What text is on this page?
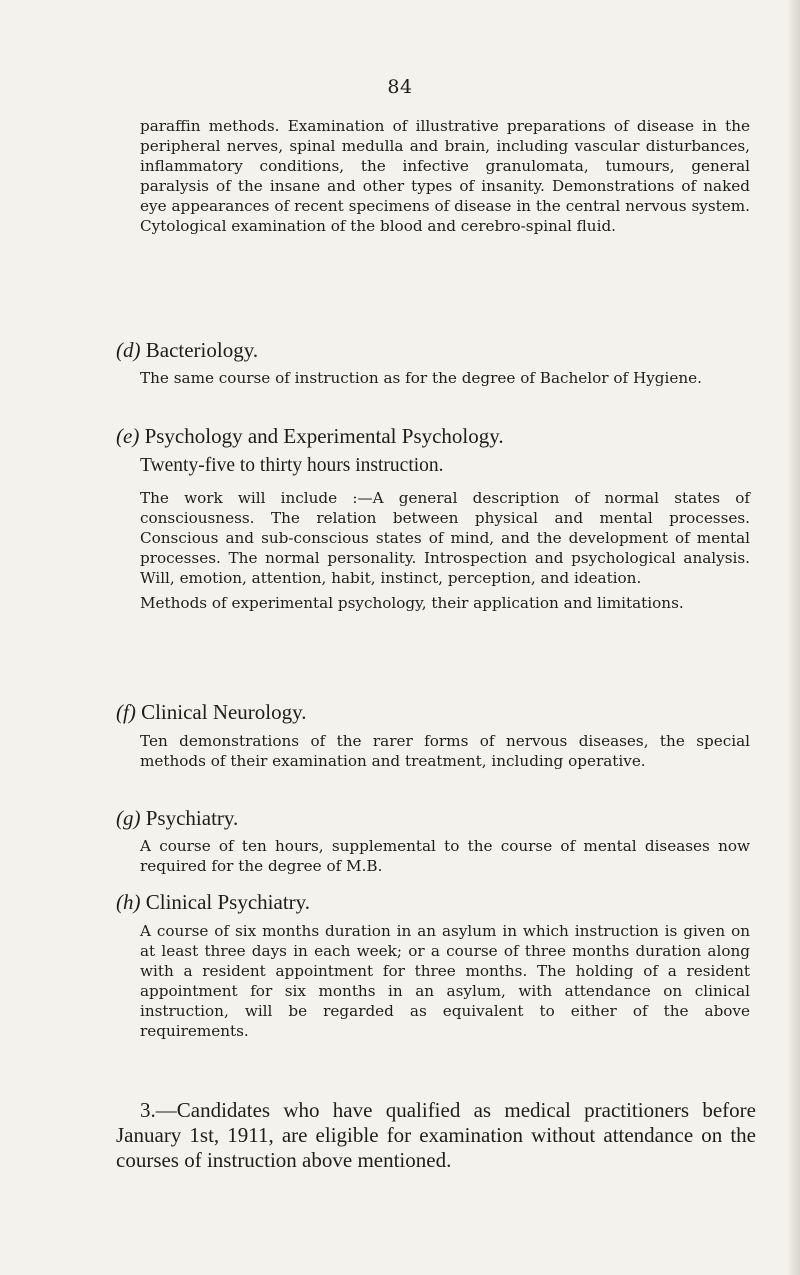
84

paraffin methods. Examination of illustrative preparations of disease in the peripheral nerves, spinal medulla and brain, including vascular disturbances, inflammatory conditions, the infective granulomata, tumours, general paralysis of the insane and other types of insanity. Demonstrations of naked eye appearances of recent specimens of disease in the central nervous system. Cytological examination of the blood and cerebro-spinal fluid.

(d) Bacteriology.

The same course of instruction as for the degree of Bachelor of Hygiene.

(e) Psychology and Experimental Psychology.
Twenty-five to thirty hours instruction.

The work will include :—A general description of normal states of consciousness. The relation between physical and mental processes. Conscious and sub-conscious states of mind, and the development of mental processes. The normal personality. Introspection and psychological analysis. Will, emotion, attention, habit, instinct, perception, and ideation.

Methods of experimental psychology, their application and limitations.

(f) Clinical Neurology.

Ten demonstrations of the rarer forms of nervous diseases, the special methods of their examination and treatment, including operative.

(g) Psychiatry.

A course of ten hours, supplemental to the course of mental diseases now required for the degree of M.B.

(h) Clinical Psychiatry.

A course of six months duration in an asylum in which instruction is given on at least three days in each week; or a course of three months duration along with a resident appointment for three months. The holding of a resident appointment for six months in an asylum, with attendance on clinical instruction, will be regarded as equivalent to either of the above requirements.

3.—Candidates who have qualified as medical practitioners before January 1st, 1911, are eligible for examination without attendance on the courses of instruction above mentioned.
